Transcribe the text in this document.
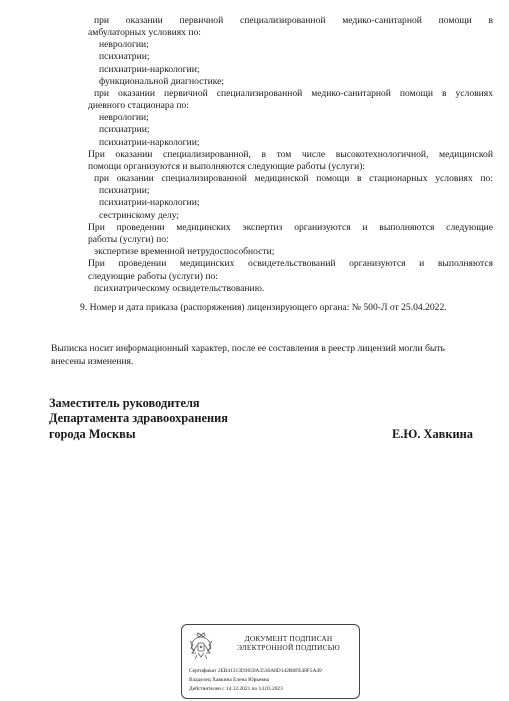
при оказании первичной специализированной медико-санитарной помощи в

амбулаторных условиях по:

неврологии;

психиатрии;

психиатрии-наркологии;

функциональной диагностике;

при оказании первичной специализированной медико-санитарной помощи в условиях

дневного стационара по:

неврологии;

психиатрии;

психиатрии-наркологии;

При оказании специализированной, в том числе высокотехнологичной, медицинской

помощи организуются и выполняются следующие работы (услуги):

при оказании специализированной медицинской помощи в стационарных условиях по:

психиатрии;

психиатрии-наркологии;

сестринскому делу;

При проведении медицинских экспертиз организуются и выполняются следующие

работы (услуги) по:

экспертизе временной нетрудоспособности;

При проведении медицинских освидетельствований организуются и выполняются

следующие работы (услуги) по:

психиатрическому освидетельствованию.

9. Номер и дата приказа (распоряжения) лицензирующего органа: № 500-Л от 25.04.2022.

Выписка носит информационный характер, после ее составления в реестр лицензий могли быть

внесены изменения.

Заместитель руководителя
Департамента здравоохранения
города Москвы	Е.Ю. Хавкина
ДОКУМЕНТ ПОДПИСАН
ЭЛЕКТРОННОЙ ПОДПИСЬЮ
Сертификат 2EB41313D3650A3536A8D142B8FE40F5A49
Владелец Хавкина Елена Юрьевна
Действителен с 14.12.2021 по 14.03.2023
